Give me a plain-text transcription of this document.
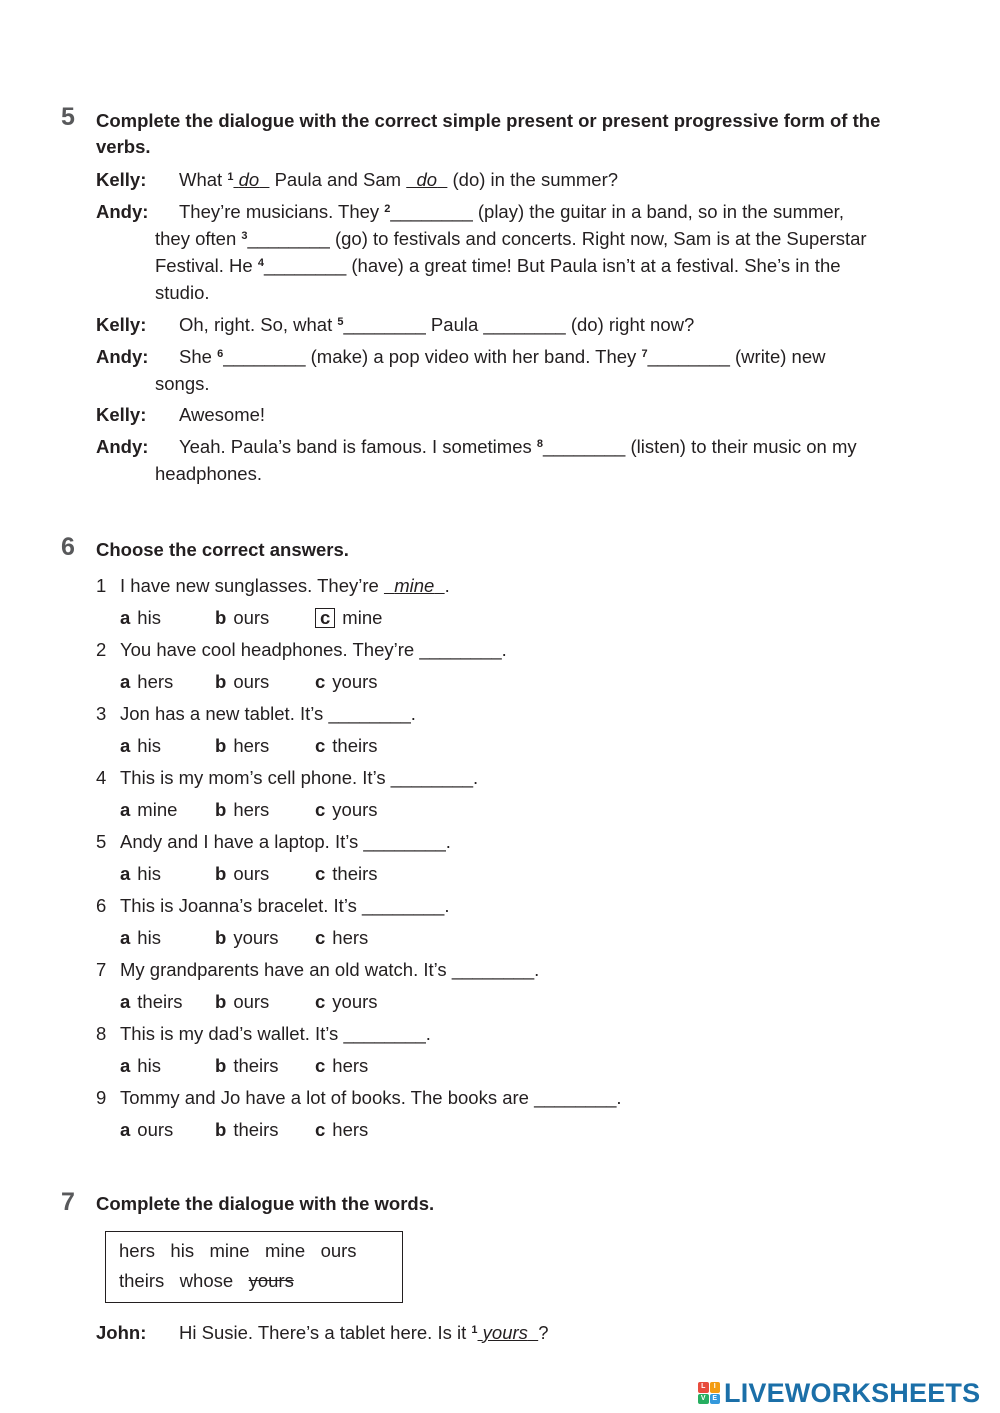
5 Complete the dialogue with the correct simple present or present progressive form of the verbs.
Kelly: What $^1$ do   Paula and Sam   do   (do) in the summer?
Andy: They’re musicians. They $^2$________ (play) the guitar in a band, so in the summer,
they often $^3$________ (go) to festivals and concerts. Right now, Sam is at the Superstar
Festival. He $^4$________ (have) a great time! But Paula isn’t at a festival. She’s in the
studio.
Kelly: Oh, right. So, what $^5$________ Paula ________ (do) right now?
Andy: She $^6$________ (make) a pop video with her band. They $^7$________ (write) new
songs.
Kelly: Awesome!
Andy: Yeah. Paula’s band is famous. I sometimes $^8$________ (listen) to their music on my
headphones.
6 Choose the correct answers.
1 I have new sunglasses. They’re   mine .
a his	b ours	c mine
2 You have cool headphones. They’re ________.
a hers b ours c yours
3 Jon has a new tablet. It’s ________.
a his	b hers c theirs
4 This is my mom’s cell phone. It’s ________.
a mine b hers c yours
5 Andy and I have a laptop. It’s ________.
a his	b ours c theirs
6 This is Joanna’s bracelet. It’s ________.
a his	b yours c hers
7 My grandparents have an old watch. It’s ________.
a theirs b ours c yours
8 This is my dad’s wallet. It’s ________.
a his	b theirs c hers
9 Tommy and Jo have a lot of books. The books are ________.
a ours b theirs c hers
7 Complete the dialogue with the words.
hers his mine mine ours
theirs whose yours
John: Hi Susie. There’s a tablet here. Is it $^1$ yours ?
L	I
V E LIVEWORKSHEETS
